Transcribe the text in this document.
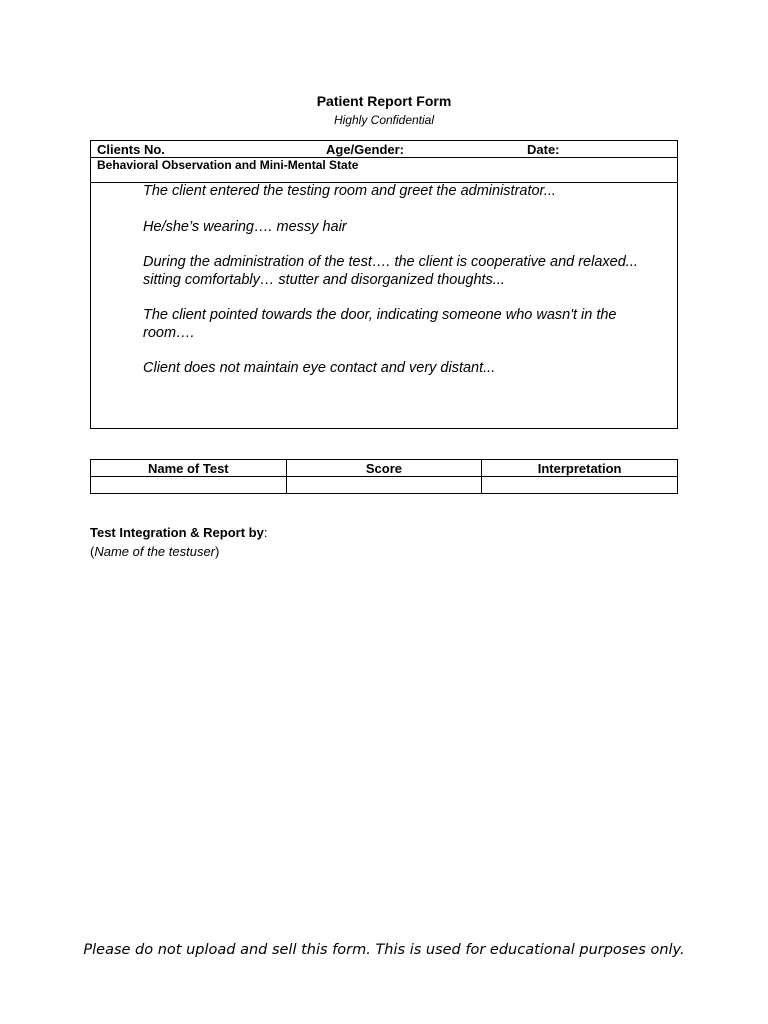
Patient Report Form
Highly Confidential
Clients No.	Age/Gender:	Date:
Behavioral Observation and Mini-Mental State

The client entered the testing room and greet the administrator...

He/she’s wearing…. messy hair

During the administration of the test…. the client is cooperative and relaxed... sitting comfortably… stutter and disorganized thoughts...

The client pointed towards the door, indicating someone who wasn't in the room….

Client does not maintain eye contact and very distant...

Name of Test	Score	Interpretation

Test Integration & Report by:
(Name of the testuser)
Please do not upload and sell this form. This is used for educational purposes only.
